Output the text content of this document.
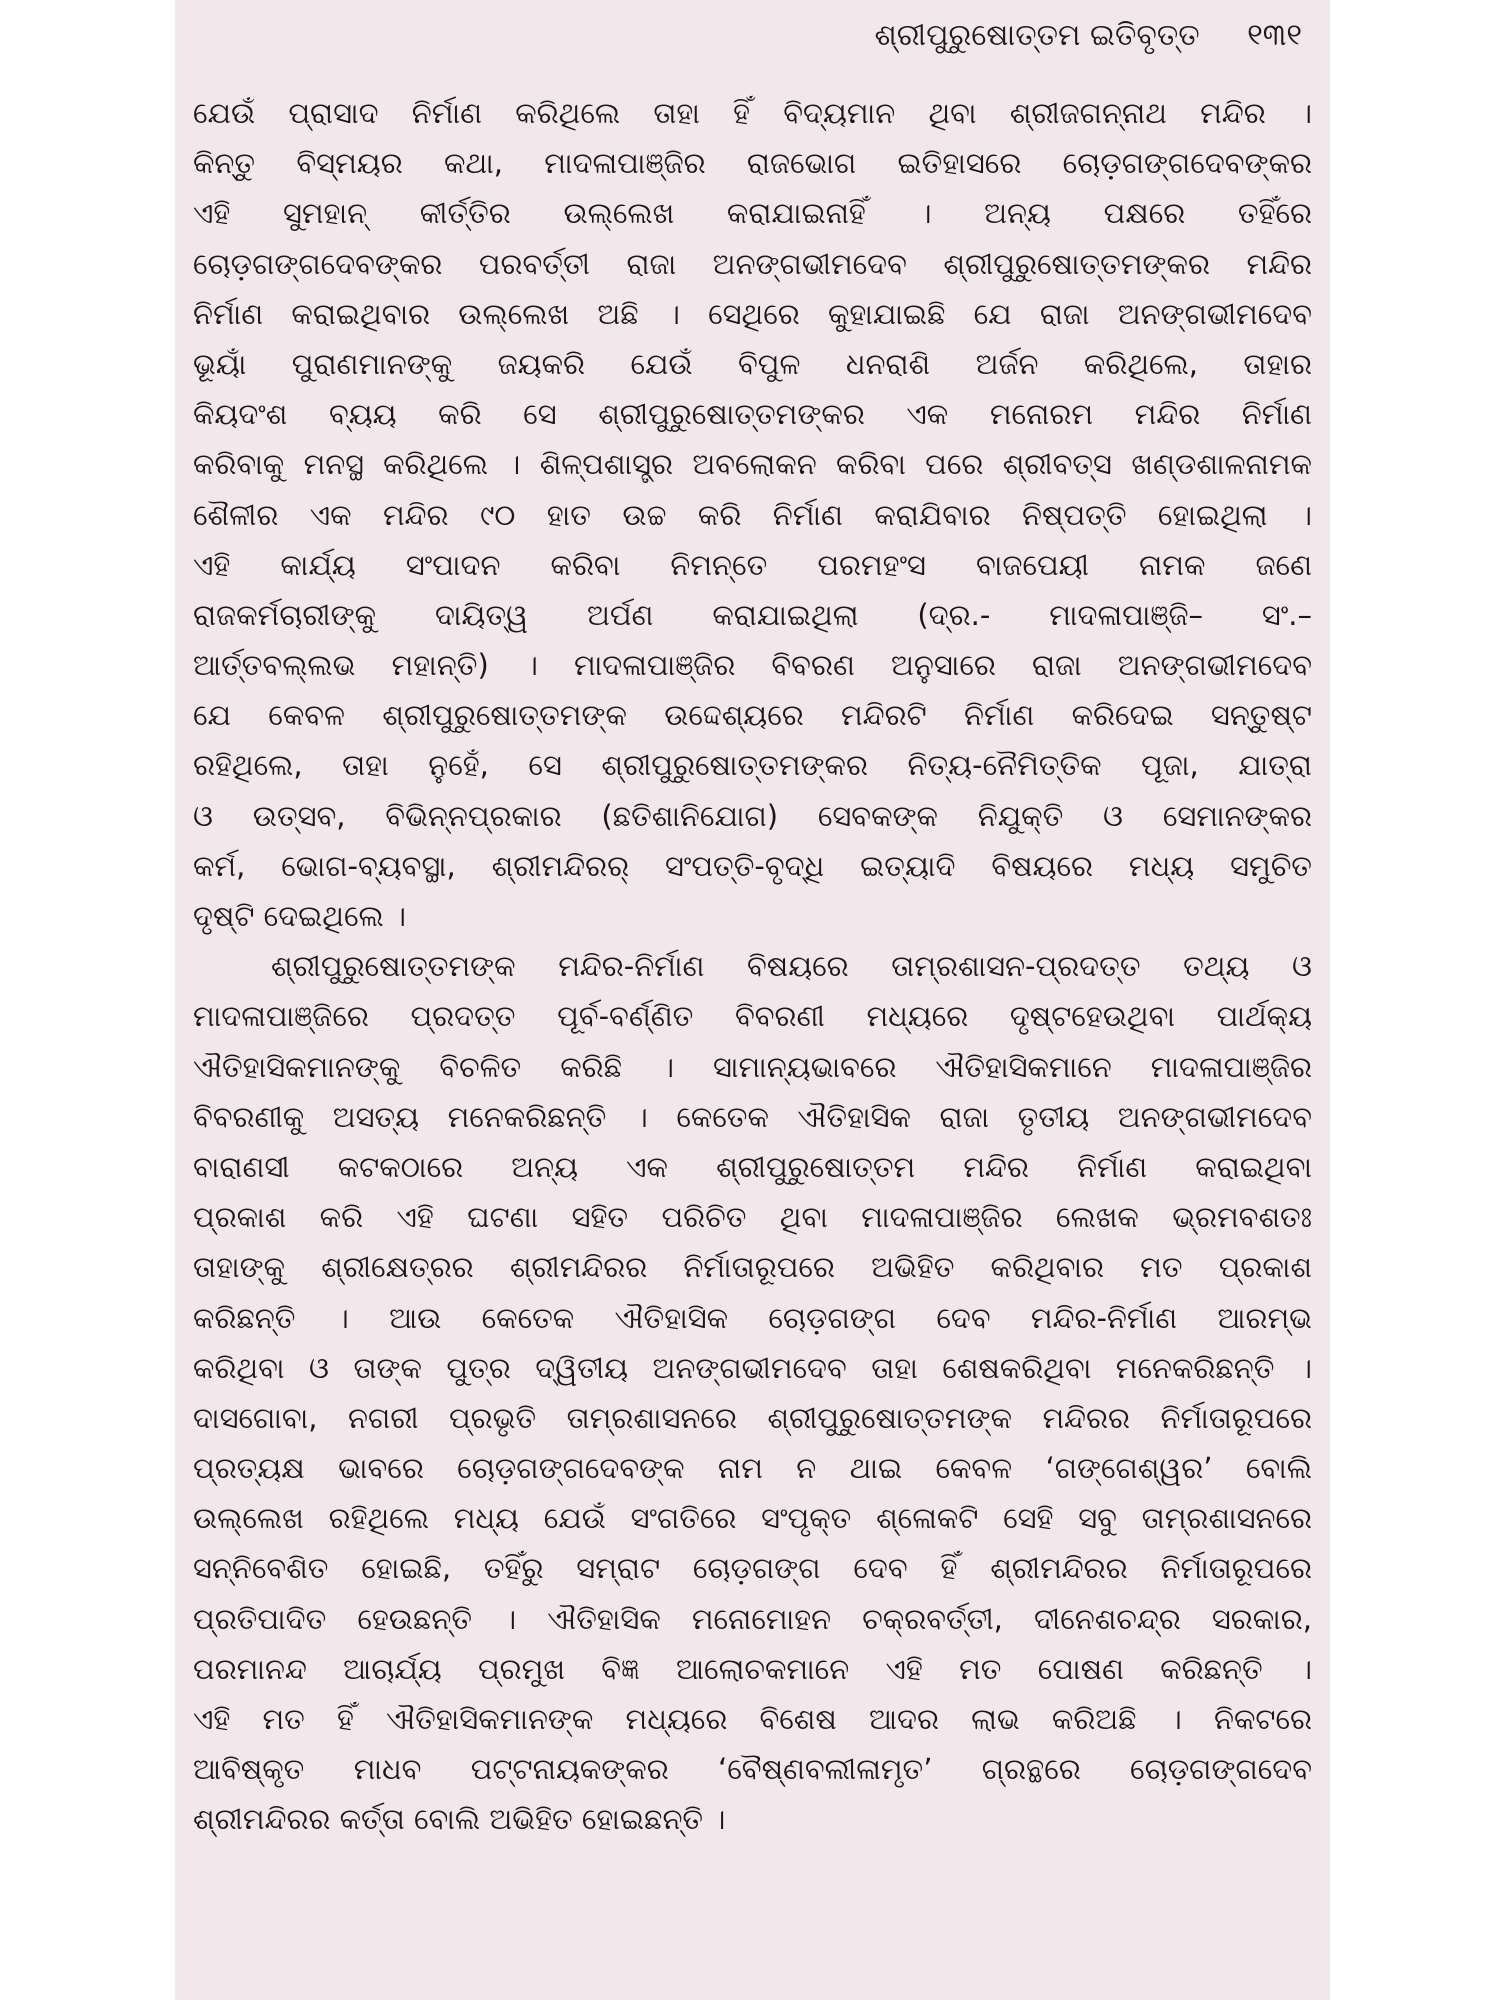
ଶ୍ରୀପୁରୁଷୋତ୍ତମ ଇତିବୃତ୍ତ ୧୩୧
ଯେଉଁ ପ୍ରାସାଦ ନିର୍ମାଣ କରିଥିଲେ ତାହା ହିଁ ବିଦ୍ୟମାନ ଥିବା ଶ୍ରୀଜଗନ୍ନାଥ ମନ୍ଦିର ।
କିନ୍ତୁ ବିସ୍ମୟର କଥା, ମାଦଳାପାଞ୍ଜିର ରାଜଭୋଗ ଇତିହାସରେ ଚୋଡ଼ଗଙ୍ଗଦେବଙ୍କର
ଏହି ସୁମହାନ୍ କୀର୍ତ୍ତିର ଉଲ୍ଲେଖ କରାଯାଇନାହିଁ । ଅନ୍ୟ ପକ୍ଷରେ ତହିଁରେ
ଚୋଡ଼ଗଙ୍ଗଦେବଙ୍କର ପରବର୍ତ୍ତୀ ରାଜା ଅନଙ୍ଗଭୀମଦେବ ଶ୍ରୀପୁରୁଷୋତ୍ତମଙ୍କର ମନ୍ଦିର
ନିର୍ମାଣ କରାଇଥିବାର ଉଲ୍ଲେଖ ଅଛି । ସେଥିରେ କୁହାଯାଇଛି ଯେ ରାଜା ଅନଙ୍ଗଭୀମଦେବ
ଭୂୟାଁ ପୁରାଣମାନଙ୍କୁ ଜୟକରି ଯେଉଁ ବିପୁଳ ଧନରାଶି ଅର୍ଜନ କରିଥିଲେ, ତାହାର
କିୟଦଂଶ ବ୍ୟୟ କରି ସେ ଶ୍ରୀପୁରୁଷୋତ୍ତମଙ୍କର ଏକ ମନୋରମ ମନ୍ଦିର ନିର୍ମାଣ
କରିବାକୁ ମନସ୍ଥ କରିଥିଲେ । ଶିଳ୍ପଶାସ୍ତ୍ର ଅବଲୋକନ କରିବା ପରେ ଶ୍ରୀବତ୍ସ ଖଣ୍ଡଶାଳନାମକ
ଶୈଳୀର ଏକ ମନ୍ଦିର ୯୦ ହାତ ଉଚ୍ଚ କରି ନିର୍ମାଣ କରାଯିବାର ନିଷ୍ପତ୍ତି ହୋଇଥିଲା ।
ଏହି କାର୍ଯ୍ୟ ସଂପାଦନ କରିବା ନିମନ୍ତେ ପରମହଂସ ବାଜପେୟୀ ନାମକ ଜଣେ
ରାଜକର୍ମଚାରୀଙ୍କୁ ଦାୟିତ୍ୱ ଅର୍ପଣ କରାଯାଇଥିଲା (ଦ୍ର.- ମାଦଳାପାଞ୍ଜି– ସଂ.–
ଆର୍ତ୍ତବଲ୍ଲଭ ମହାନ୍ତି) । ମାଦଳାପାଞ୍ଜିର ବିବରଣ ଅନୁସାରେ ରାଜା ଅନଙ୍ଗଭୀମଦେବ
ଯେ କେବଳ ଶ୍ରୀପୁରୁଷୋତ୍ତମଙ୍କ ଉଦ୍ଦେଶ୍ୟରେ ମନ୍ଦିରଟି ନିର୍ମାଣ କରିଦେଇ ସନ୍ତୁଷ୍ଟ
ରହିଥିଲେ, ତାହା ନୁହେଁ, ସେ ଶ୍ରୀପୁରୁଷୋତ୍ତମଙ୍କର ନିତ୍ୟ-ନୈମିତ୍ତିକ ପୂଜା, ଯାତ୍ରା
ଓ ଉତ୍ସବ, ବିଭିନ୍ନପ୍ରକାର (ଛତିଶାନିଯୋଗ) ସେବକଙ୍କ ନିଯୁକ୍ତି ଓ ସେମାନଙ୍କର
କର୍ମ, ଭୋଗ-ବ୍ୟବସ୍ଥା, ଶ୍ରୀମନ୍ଦିରର୍ ସଂପତ୍ତି-ବୃଦ୍ଧି ଇତ୍ୟାଦି ବିଷୟରେ ମଧ୍ୟ ସମୁଚିତ
ଦୃଷ୍ଟି ଦେଇଥିଲେ ।
ଶ୍ରୀପୁରୁଷୋତ୍ତମଙ୍କ ମନ୍ଦିର-ନିର୍ମାଣ ବିଷୟରେ ତାମ୍ରଶାସନ-ପ୍ରଦତ୍ତ ତଥ୍ୟ ଓ
ମାଦଳାପାଞ୍ଜିରେ ପ୍ରଦତ୍ତ ପୂର୍ବ-ବର୍ଣ୍ଣିତ ବିବରଣୀ ମଧ୍ୟରେ ଦୃଷ୍ଟହେଉଥିବା ପାର୍ଥକ୍ୟ
ଐତିହାସିକମାନଙ୍କୁ ବିଚଳିତ କରିଛି । ସାମାନ୍ୟଭାବରେ ଐତିହାସିକମାନେ ମାଦଳାପାଞ୍ଜିର
ବିବରଣୀକୁ ଅସତ୍ୟ ମନେକରିଛନ୍ତି । କେତେକ ଐତିହାସିକ ରାଜା ତୃତୀୟ ଅନଙ୍ଗଭୀମଦେବ
ବାରାଣସୀ କଟକଠାରେ ଅନ୍ୟ ଏକ ଶ୍ରୀପୁରୁଷୋତ୍ତମ ମନ୍ଦିର ନିର୍ମାଣ କରାଇଥିବା
ପ୍ରକାଶ କରି ଏହି ଘଟଣା ସହିତ ପରିଚିତ ଥିବା ମାଦଳାପାଞ୍ଜିର ଲେଖକ ଭ୍ରମବଶତଃ
ତାହାଙ୍କୁ ଶ୍ରୀକ୍ଷେତ୍ରର ଶ୍ରୀମନ୍ଦିରର ନିର୍ମାତାରୂପରେ ଅଭିହିତ କରିଥିବାର ମତ ପ୍ରକାଶ
କରିଛନ୍ତି । ଆଉ କେତେକ ଐତିହାସିକ ଚୋଡ଼ଗଙ୍ଗ ଦେବ ମନ୍ଦିର-ନିର୍ମାଣ ଆରମ୍ଭ
କରିଥିବା ଓ ତାଙ୍କ ପୁତ୍ର ଦ୍ୱିତୀୟ ଅନଙ୍ଗଭୀମଦେବ ତାହା ଶେଷକରିଥିବା ମନେକରିଛନ୍ତି ।
ଦାସଗୋବା, ନଗରୀ ପ୍ରଭୃତି ତାମ୍ରଶାସନରେ ଶ୍ରୀପୁରୁଷୋତ୍ତମଙ୍କ ମନ୍ଦିରର ନିର୍ମାତାରୂପରେ
ପ୍ରତ୍ୟକ୍ଷ ଭାବରେ ଚୋଡ଼ଗଙ୍ଗଦେବଙ୍କ ନାମ ନ ଥାଇ କେବଳ ‘ଗଙ୍ଗେଶ୍ୱର’ ବୋଲି
ଉଲ୍ଲେଖ ରହିଥିଲେ ମଧ୍ୟ ଯେଉଁ ସଂଗତିରେ ସଂପୃକ୍ତ ଶ୍ଳୋକଟି ସେହି ସବୁ ତାମ୍ରଶାସନରେ
ସନ୍ନିବେଶିତ ହୋଇଛି, ତହିଁରୁ ସମ୍ରାଟ ଚୋଡ଼ଗଙ୍ଗ ଦେବ ହିଁ ଶ୍ରୀମନ୍ଦିରର ନିର୍ମାତାରୂପରେ
ପ୍ରତିପାଦିତ ହେଉଛନ୍ତି । ଐତିହାସିକ ମନୋମୋହନ ଚକ୍ରବର୍ତ୍ତୀ, ଦୀନେଶଚନ୍ଦ୍ର ସରକାର,
ପରମାନନ୍ଦ ଆଚାର୍ଯ୍ୟ ପ୍ରମୁଖ ବିଜ୍ଞ ଆଲୋଚକମାନେ ଏହି ମତ ପୋଷଣ କରିଛନ୍ତି ।
ଏହି ମତ ହିଁ ଐତିହାସିକମାନଙ୍କ ମଧ୍ୟରେ ବିଶେଷ ଆଦର ଲାଭ କରିଅଛି । ନିକଟରେ
ଆବିଷ୍କୃତ ମାଧବ ପଟ୍ଟନାୟକଙ୍କର ‘ବୈଷ୍ଣବଲୀଳାମୃତ’ ଗ୍ରନ୍ଥରେ ଚୋଡ଼ଗଙ୍ଗଦେବ
ଶ୍ରୀମନ୍ଦିରର କର୍ତ୍ତା ବୋଲି ଅଭିହିତ ହୋଇଛନ୍ତି ।
